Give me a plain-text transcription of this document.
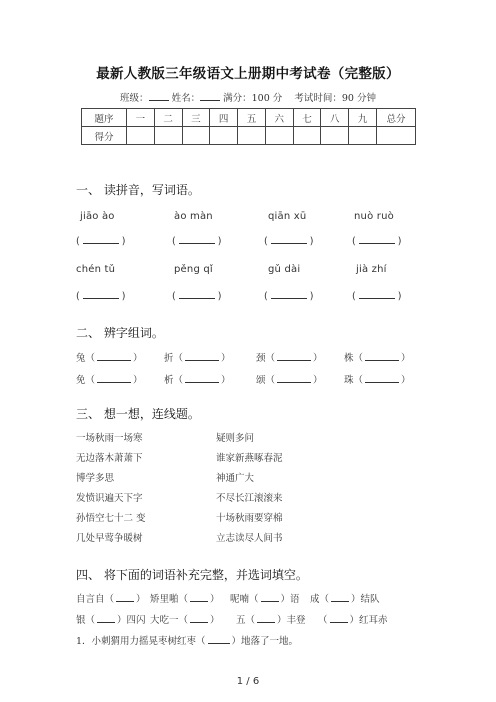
最新人教版三年级语文上册期中考试卷（完整版）
班级： 姓名： 满分：100 分 考试时间：90 分钟
题序	一	二	三	四	五	六	七	八	九	总分
得分										
一、 读拼音，写词语。
jiāo ào	ào màn	qiān xū	nuò ruò
(	)	(	)	(	)	(	)
chén tǔ	pěng qǐ	gǔ dài	jià zhí
(	)	(	)	(	)	(	)
二、 辨字组词。
兔（	） 折（	）	颈（	） 株（	）
免（	） 析（	）	颂（	） 珠（	）
三、 想一想，连线题。
一场秋雨一场寒
无边落木萧萧下
博学多思
发愤识遍天下字
孙悟空七十二 变
几处早莺争暖树
疑则多问
谁家新燕啄春泥
神通广大
不尽长江滚滚来
十场秋雨要穿棉
立志读尽人间书
四、 将下面的词语补充完整，并选词填空。
自言自（ ） 矫里啪（ ） 呢喃（ ）语 成（ ）结队
银（ ）四闪 大吃一（ ） 五（ ）丰登 （ ）红耳赤
1．小刺猬用力摇晃枣树红枣（	）地落了一地。
1 / 6
